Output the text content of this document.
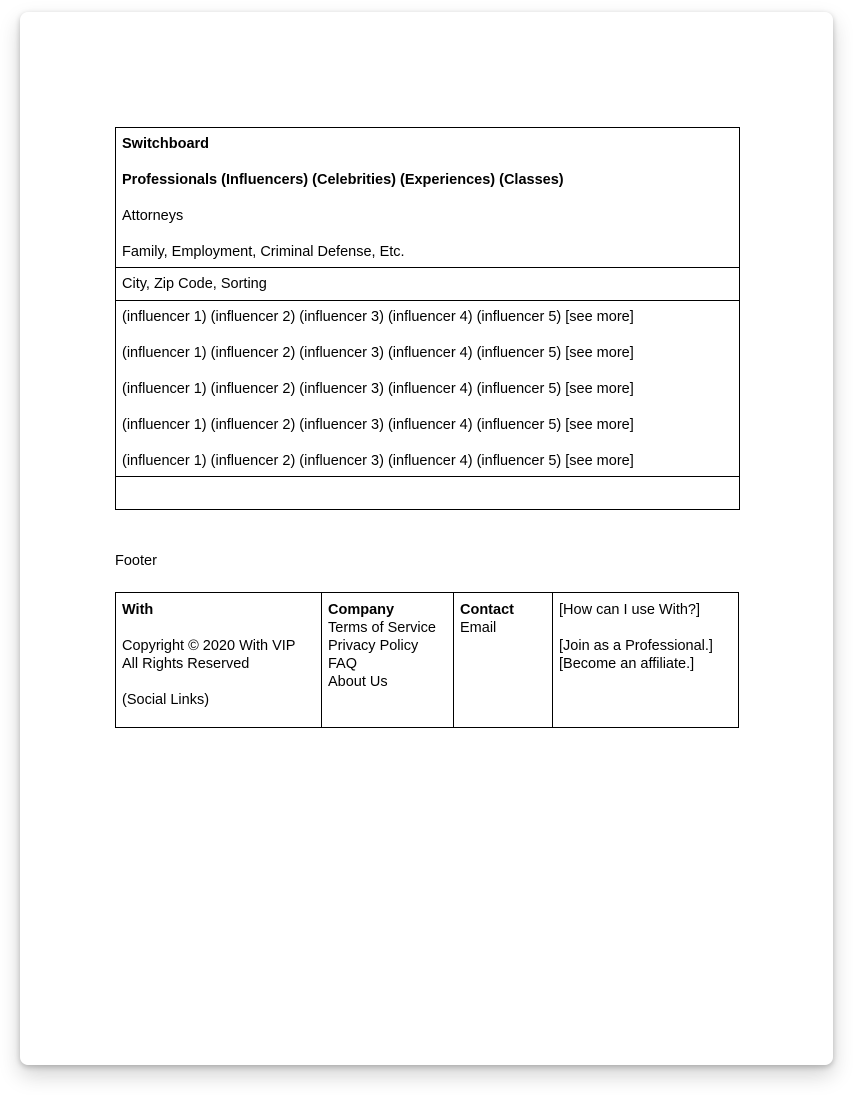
Switchboard

Professionals (Influencers) (Celebrities) (Experiences) (Classes)

Attorneys

Family, Employment, Criminal Defense, Etc.

City, Zip Code, Sorting

(influencer 1) (influencer 2) (influencer 3) (influencer 4) (influencer 5) [see more]

(influencer 1) (influencer 2) (influencer 3) (influencer 4) (influencer 5) [see more]

(influencer 1) (influencer 2) (influencer 3) (influencer 4) (influencer 5) [see more]

(influencer 1) (influencer 2) (influencer 3) (influencer 4) (influencer 5) [see more]

(influencer 1) (influencer 2) (influencer 3) (influencer 4) (influencer 5) [see more]

Footer

With
Copyright © 2020 With VIP
All Rights Reserved
(Social Links)

Company
Terms of Service
Privacy Policy
FAQ
About Us

Contact
Email

[How can I use With?]
[Join as a Professional.]
[Become an affiliate.]
